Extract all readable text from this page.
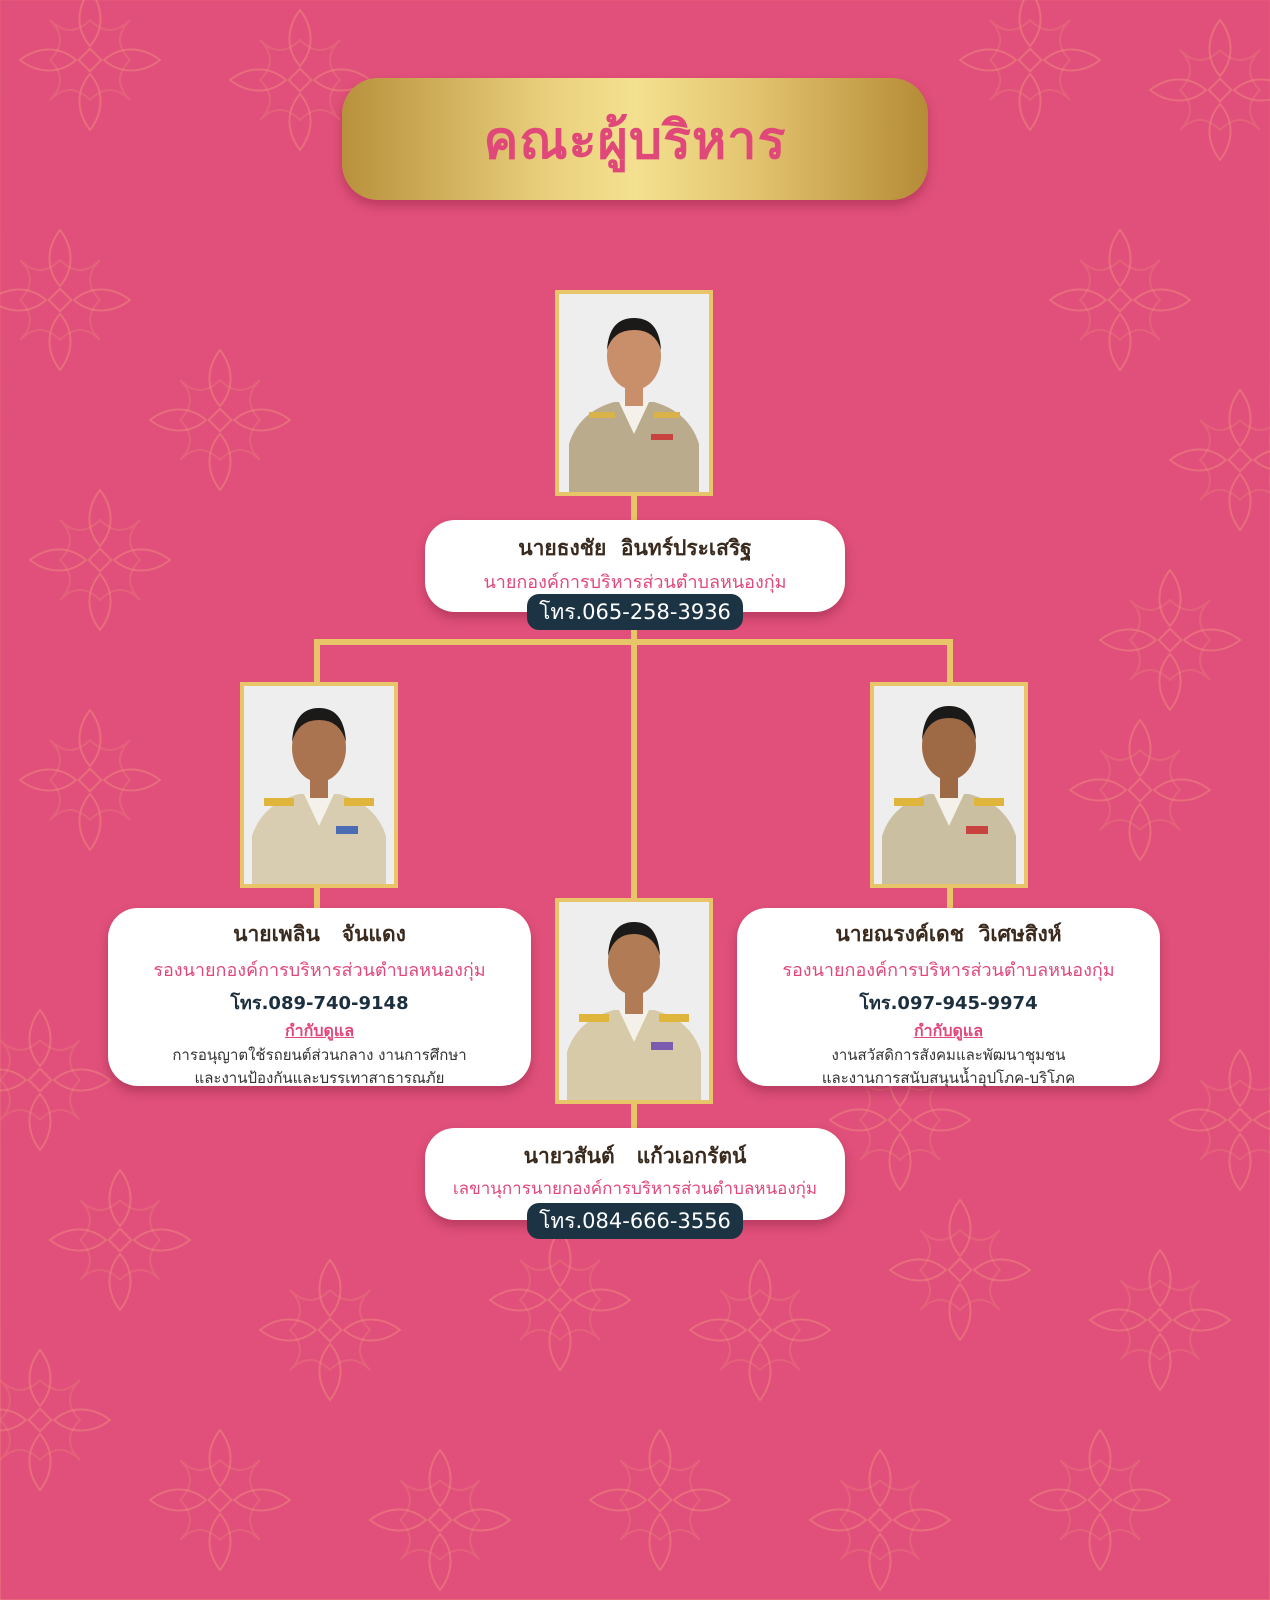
คณะผู้บริหาร
นายธงชัย  อินทร์ประเสริฐ
นายกองค์การบริหารส่วนตำบลหนองกุ่ม
โทร.065-258-3936
นายเพลิน   จันแดง
รองนายกองค์การบริหารส่วนตำบลหนองกุ่ม
โทร.089-740-9148
กำกับดูแล
การอนุญาตใช้รถยนต์ส่วนกลาง งานการศึกษา
และงานป้องกันและบรรเทาสาธารณภัย
นายณรงค์เดช  วิเศษสิงห์
รองนายกองค์การบริหารส่วนตำบลหนองกุ่ม
โทร.097-945-9974
กำกับดูแล
งานสวัสดิการสังคมและพัฒนาชุมชน
และงานการสนับสนุนน้ำอุปโภค-บริโภค
นายวสันต์   แก้วเอกรัตน์
เลขานุการนายกองค์การบริหารส่วนตำบลหนองกุ่ม
โทร.084-666-3556
